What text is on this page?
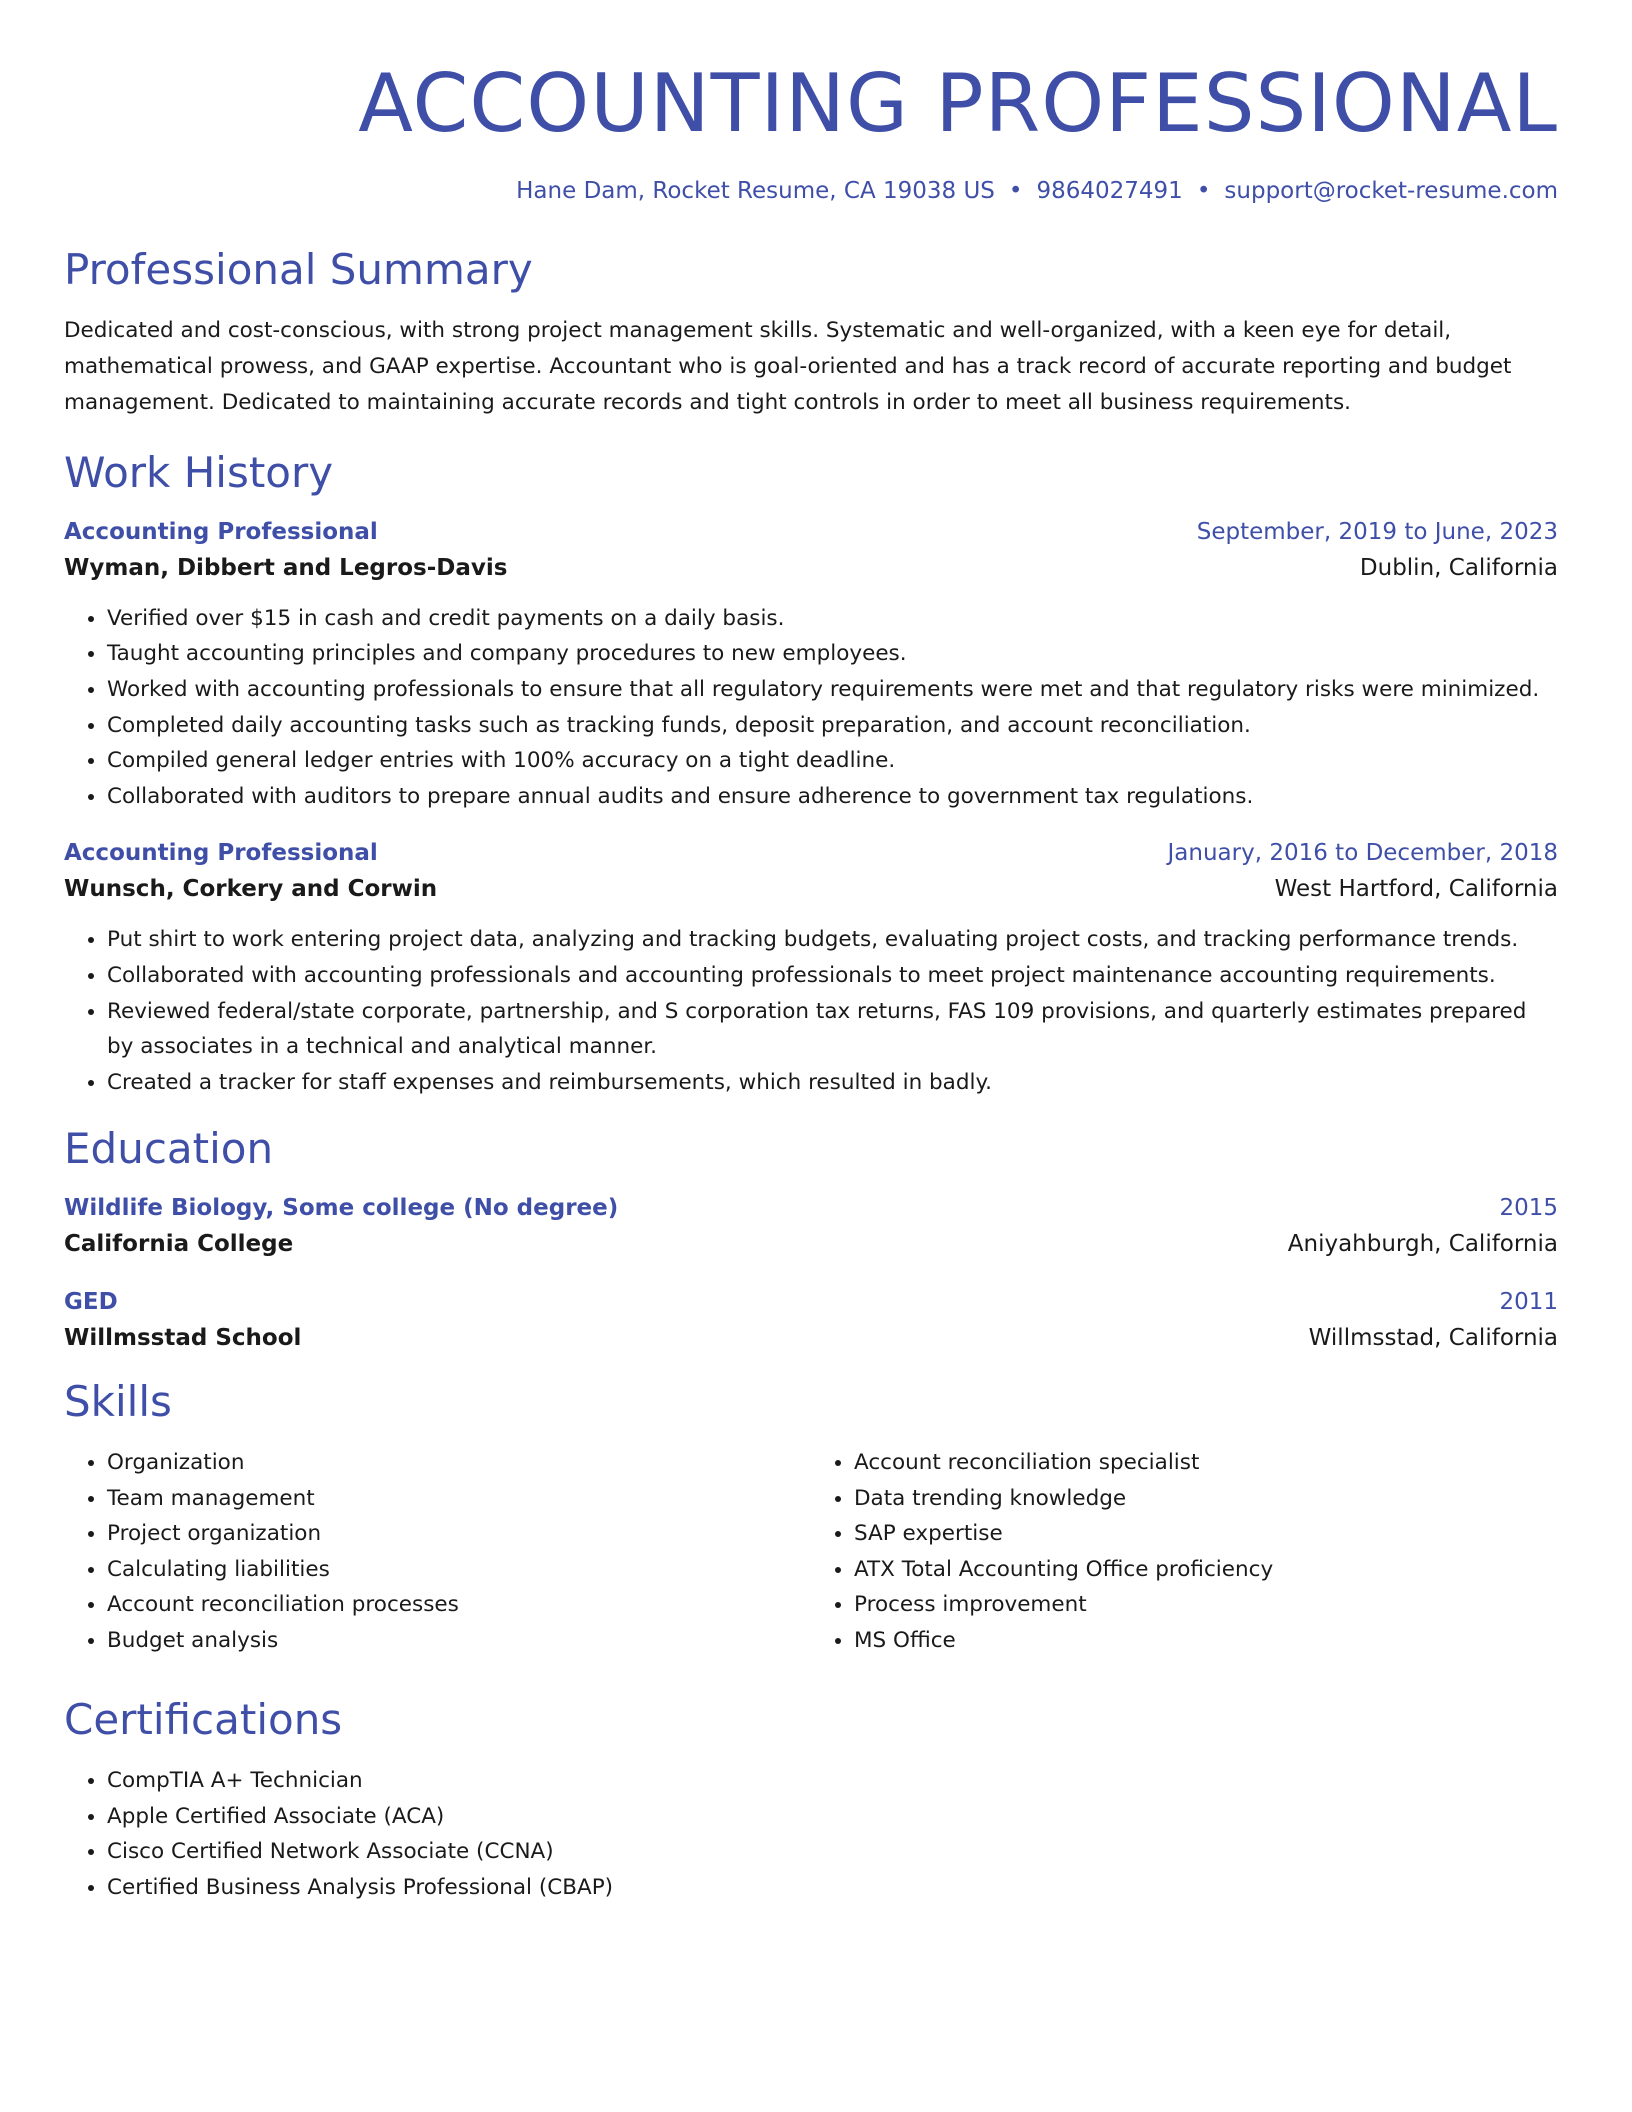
ACCOUNTING PROFESSIONAL
Hane Dam, Rocket Resume, CA 19038 US • 9864027491 • support@rocket-resume.com
Professional Summary
Dedicated and cost-conscious, with strong project management skills. Systematic and well-organized, with a keen eye for detail, mathematical prowess, and GAAP expertise. Accountant who is goal-oriented and has a track record of accurate reporting and budget management. Dedicated to maintaining accurate records and tight controls in order to meet all business requirements.
Work History
Accounting Professional	September, 2019 to June, 2023
Wyman, Dibbert and Legros-Davis	Dublin, California
• Verified over $15 in cash and credit payments on a daily basis.
• Taught accounting principles and company procedures to new employees.
• Worked with accounting professionals to ensure that all regulatory requirements were met and that regulatory risks were minimized.
• Completed daily accounting tasks such as tracking funds, deposit preparation, and account reconciliation.
• Compiled general ledger entries with 100% accuracy on a tight deadline.
• Collaborated with auditors to prepare annual audits and ensure adherence to government tax regulations.
Accounting Professional	January, 2016 to December, 2018
Wunsch, Corkery and Corwin	West Hartford, California
• Put shirt to work entering project data, analyzing and tracking budgets, evaluating project costs, and tracking performance trends.
• Collaborated with accounting professionals and accounting professionals to meet project maintenance accounting requirements.
• Reviewed federal/state corporate, partnership, and S corporation tax returns, FAS 109 provisions, and quarterly estimates prepared by associates in a technical and analytical manner.
• Created a tracker for staff expenses and reimbursements, which resulted in badly.
Education
Wildlife Biology, Some college (No degree)	2015
California College	Aniyahburgh, California
GED	2011
Willmsstad School	Willmsstad, California
Skills
• Organization
• Team management
• Project organization
• Calculating liabilities
• Account reconciliation processes
• Budget analysis
• Account reconciliation specialist
• Data trending knowledge
• SAP expertise
• ATX Total Accounting Office proficiency
• Process improvement
• MS Office
Certifications
• CompTIA A+ Technician
• Apple Certified Associate (ACA)
• Cisco Certified Network Associate (CCNA)
• Certified Business Analysis Professional (CBAP)
